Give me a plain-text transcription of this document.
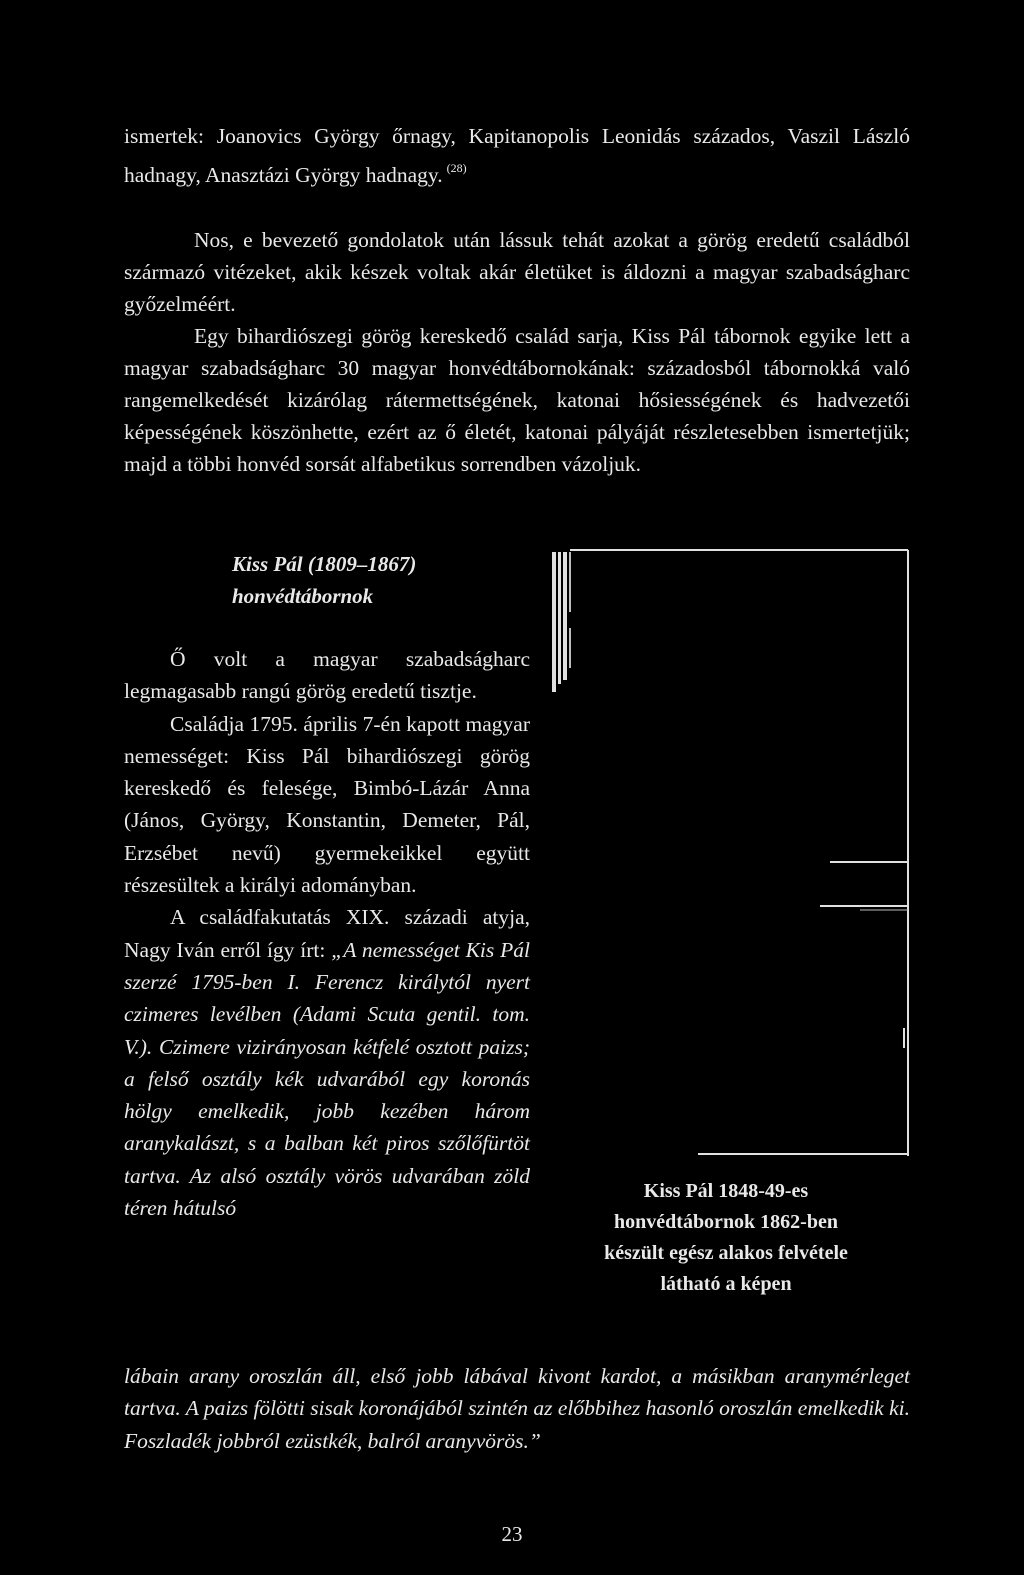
ismertek: Joanovics György őrnagy, Kapitanopolis Leonidás százados, Vaszil László hadnagy, Anasztázi György hadnagy. $^{(28)}$

Nos, e bevezető gondolatok után lássuk tehát azokat a görög eredetű családból származó vitézeket, akik készek voltak akár életüket is áldozni a magyar szabadságharc győzelméért.

Egy bihardiószegi görög kereskedő család sarja, Kiss Pál tábornok egyike lett a magyar szabadságharc 30 magyar honvédtábornokának: századosból tábornokká való rangemelkedését kizárólag rátermettségének, katonai hősiességének és hadvezetői képességének köszönhette, ezért az ő életét, katonai pályáját részletesebben ismertetjük; majd a többi honvéd sorsát alfabetikus sorrendben vázoljuk.

Kiss Pál (1809–1867)
honvédtábornok

Ő volt a magyar szabadságharc legmagasabb rangú görög eredetű tisztje.

Családja 1795. április 7-én kapott magyar nemességet: Kiss Pál bihardiószegi görög kereskedő és felesége, Bimbó-Lázár Anna (János, György, Konstantin, Demeter, Pál, Erzsébet nevű) gyermekeikkel együtt részesültek a királyi adományban.

A családfakutatás XIX. századi atyja, Nagy Iván erről így írt: „A nemességet Kis Pál szerzé 1795-ben I. Ferencz királytól nyert czimeres levélben (Adami Scuta gentil. tom. V.). Czimere vizirányosan kétfelé osztott paizs; a felső osztály kék udvarából egy koronás hölgy emelkedik, jobb kezében három aranykalászt, s a balban két piros szőlőfürtöt tartva. Az alsó osztály vörös udvarában zöld téren hátulsó

Kiss Pál 1848-49-es
honvédtábornok 1862-ben
készült egész alakos felvétele
látható a képen

lábain arany oroszlán áll, első jobb lábával kivont kardot, a másikban aranymérleget tartva. A paizs fölötti sisak koronájából szintén az előbbihez hasonló oroszlán emelkedik ki. Foszladék jobbról ezüstkék, balról aranyvörös.”

23
